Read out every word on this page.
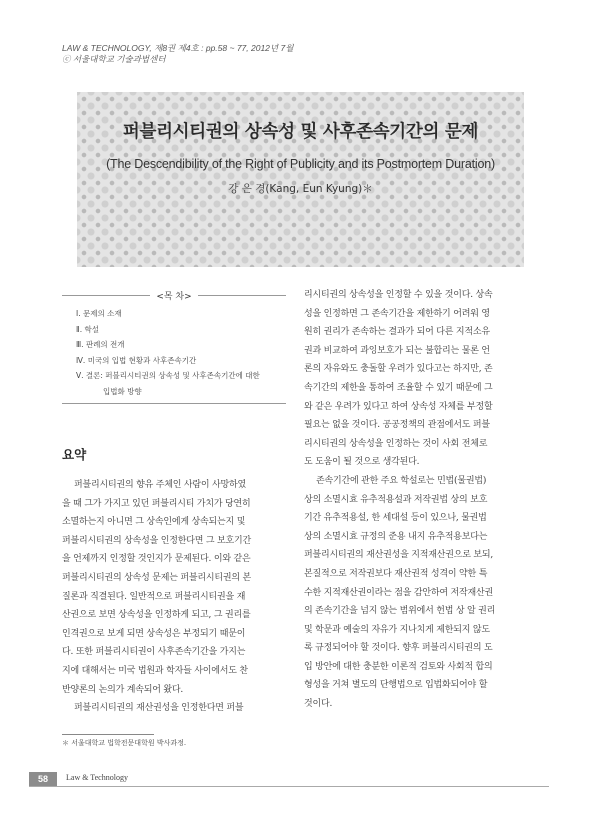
LAW & TECHNOLOGY, 제8권 제4호 : pp.58 ~ 77, 2012년 7월
ⓒ 서울대학교 기술과법센터
퍼블리시티권의 상속성 및 사후존속기간의 문제
(The Descendibility of the Right of Publicity and its Postmortem Duration)
강 은 경(Kang, Eun Kyung)＊
<목 차>
Ⅰ. 문제의 소재
Ⅱ. 학설
Ⅲ. 판례의 전개
Ⅳ. 미국의 입법 현황과 사후존속기간
Ⅴ. 결론: 퍼블리시티권의 상속성 및 사후존속기간에 대한
입법화 방향
요약
퍼블리시티권의 향유 주체인 사람이 사망하였
을 때 그가 가지고 있던 퍼블리시티 가치가 당연히
소멸하는지 아니면 그 상속인에게 상속되는지 및
퍼블리시티권의 상속성을 인정한다면 그 보호기간
을 언제까지 인정할 것인지가 문제된다. 이와 같은
퍼블리시티권의 상속성 문제는 퍼블리시티권의 본
질론과 직결된다. 일반적으로 퍼블리시티권을 재
산권으로 보면 상속성을 인정하게 되고, 그 권리를
인격권으로 보게 되면 상속성은 부정되기 때문이
다. 또한 퍼블리시티권이 사후존속기간을 가지는
지에 대해서는 미국 법원과 학자들 사이에서도 찬
반양론의 논의가 계속되어 왔다.
퍼블리시티권의 재산권성을 인정한다면 퍼블
리시티권의 상속성을 인정할 수 있을 것이다. 상속
성을 인정하면 그 존속기간을 제한하기 어려워 영
원히 권리가 존속하는 결과가 되어 다른 지적소유
권과 비교하여 과잉보호가 되는 불합리는 물론 언
론의 자유와도 충돌할 우려가 있다고는 하지만, 존
속기간의 제한을 통하여 조율할 수 있기 때문에 그
와 같은 우려가 있다고 하여 상속성 자체를 부정할
필요는 없을 것이다. 공공정책의 관점에서도 퍼블
리시티권의 상속성을 인정하는 것이 사회 전체로
도 도움이 될 것으로 생각된다.
존속기간에 관한 주요 학설로는 민법(물권법)
상의 소멸시효 유추적용설과 저작권법 상의 보호
기간 유추적용설, 한 세대설 등이 있으나, 물권법
상의 소멸시효 규정의 준용 내지 유추적용보다는
퍼블리시티권의 재산권성을 지적재산권으로 보되,
본질적으로 저작권보다 재산권적 성격이 약한 특
수한 지적재산권이라는 점을 감안하여 저작재산권
의 존속기간을 넘지 않는 범위에서 헌법 상 알 권리
및 학문과 예술의 자유가 지나치게 제한되지 않도
록 규정되어야 할 것이다. 향후 퍼블리시티권의 도
입 방안에 대한 충분한 이론적 검토와 사회적 합의
형성을 거쳐 별도의 단행법으로 입법화되어야 할
것이다.
＊ 서울대학교 법학전문대학원 박사과정.
58	Law & Technology
